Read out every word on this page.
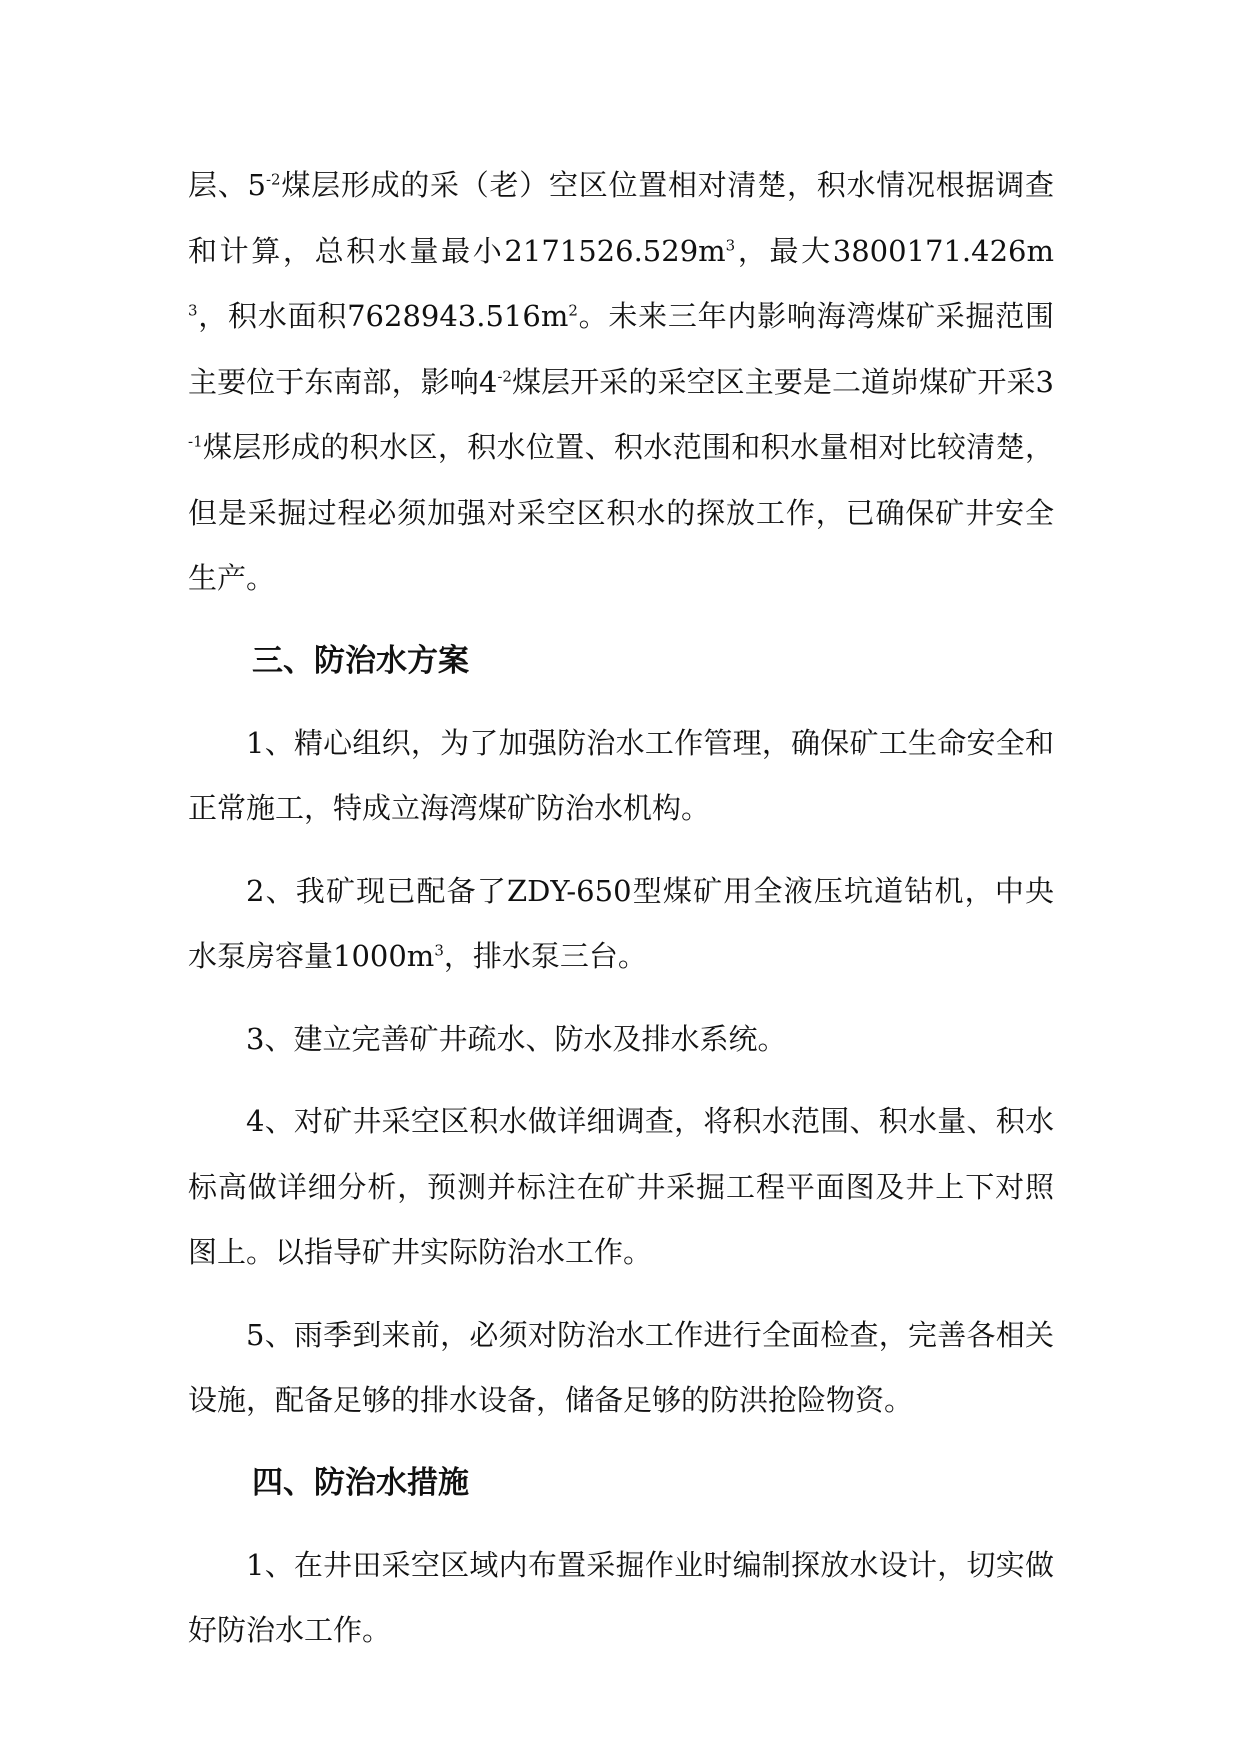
层、$5^{-2}$煤层形成的采（老）空区位置相对清楚，积水情况根据调查和计算，总积水量最小$2171526.529m^3$，最大$3800171.426m^3$，积水面积$7628943.516m^2$。未来三年内影响海湾煤矿采掘范围主要位于东南部，影响$4^{-2}$煤层开采的采空区主要是二道峁煤矿开采$3^{-1}$煤层形成的积水区，积水位置、积水范围和积水量相对比较清楚，但是采掘过程必须加强对采空区积水的探放工作，已确保矿井安全生产。

三、防治水方案

1、精心组织，为了加强防治水工作管理，确保矿工生命安全和正常施工，特成立海湾煤矿防治水机构。

2、我矿现已配备了ZDY-650型煤矿用全液压坑道钻机，中央水泵房容量$1000m^3$，排水泵三台。

3、建立完善矿井疏水、防水及排水系统。

4、对矿井采空区积水做详细调查，将积水范围、积水量、积水标高做详细分析，预测并标注在矿井采掘工程平面图及井上下对照图上。以指导矿井实际防治水工作。

5、雨季到来前，必须对防治水工作进行全面检查，完善各相关设施，配备足够的排水设备，储备足够的防洪抢险物资。

四、防治水措施

1、在井田采空区域内布置采掘作业时编制探放水设计，切实做好防治水工作。
